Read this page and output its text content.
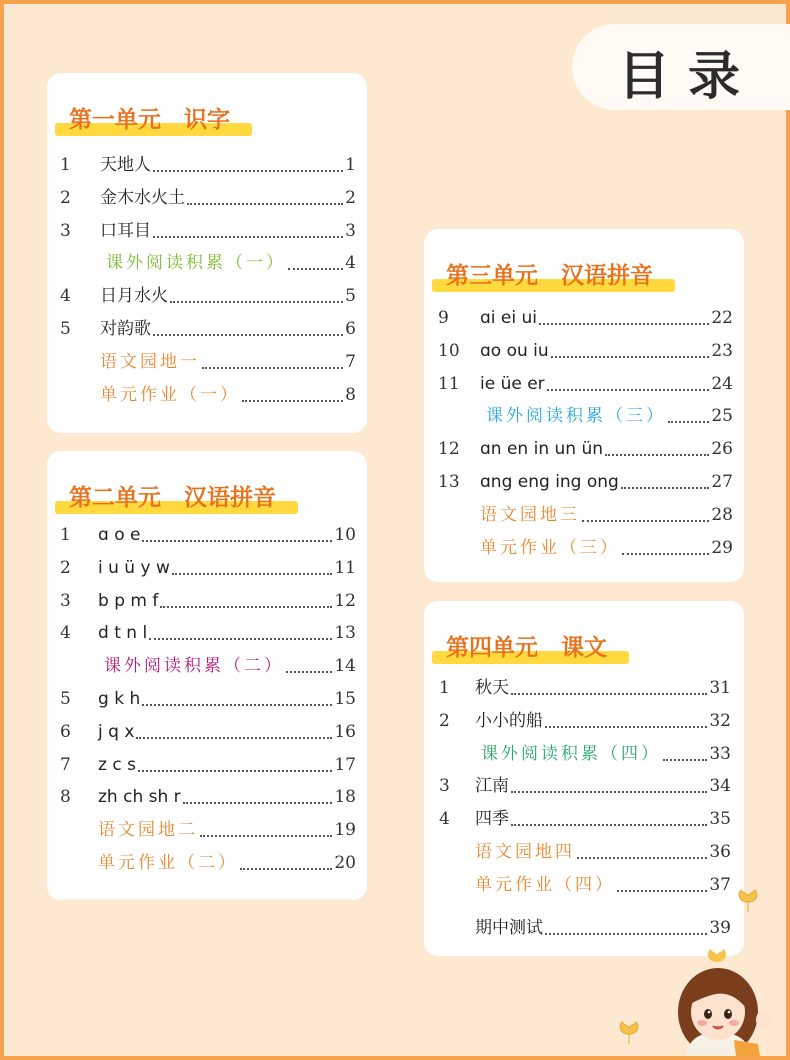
目录
第一单元　识字
1	天地人	1
2	金木水火土	2
3	口耳目	3
课外阅读积累（一）	4
4	日月水火	5
5	对韵歌	6
语文园地一	7
单元作业（一）	8
第二单元　汉语拼音
1	ɑ o e	10
2	i u ü y w	11
3	b p m f	12
4	d t n l	13
课外阅读积累（二）	14
5	g k h	15
6	j q x	16
7	z c s	17
8	zh ch sh r	18
语文园地二	19
单元作业（二）	20
第三单元　汉语拼音
9	ɑi ei ui	22
10	ɑo ou iu	23
11	ie üe er	24
课外阅读积累（三）	25
12	ɑn en in un ün	26
13	ɑng eng ing ong	27
语文园地三	28
单元作业（三）	29
第四单元　课文
1	秋天	31
2	小小的船	32
课外阅读积累（四）	33
3	江南	34
4	四季	35
语文园地四	36
单元作业（四）	37
期中测试	39
